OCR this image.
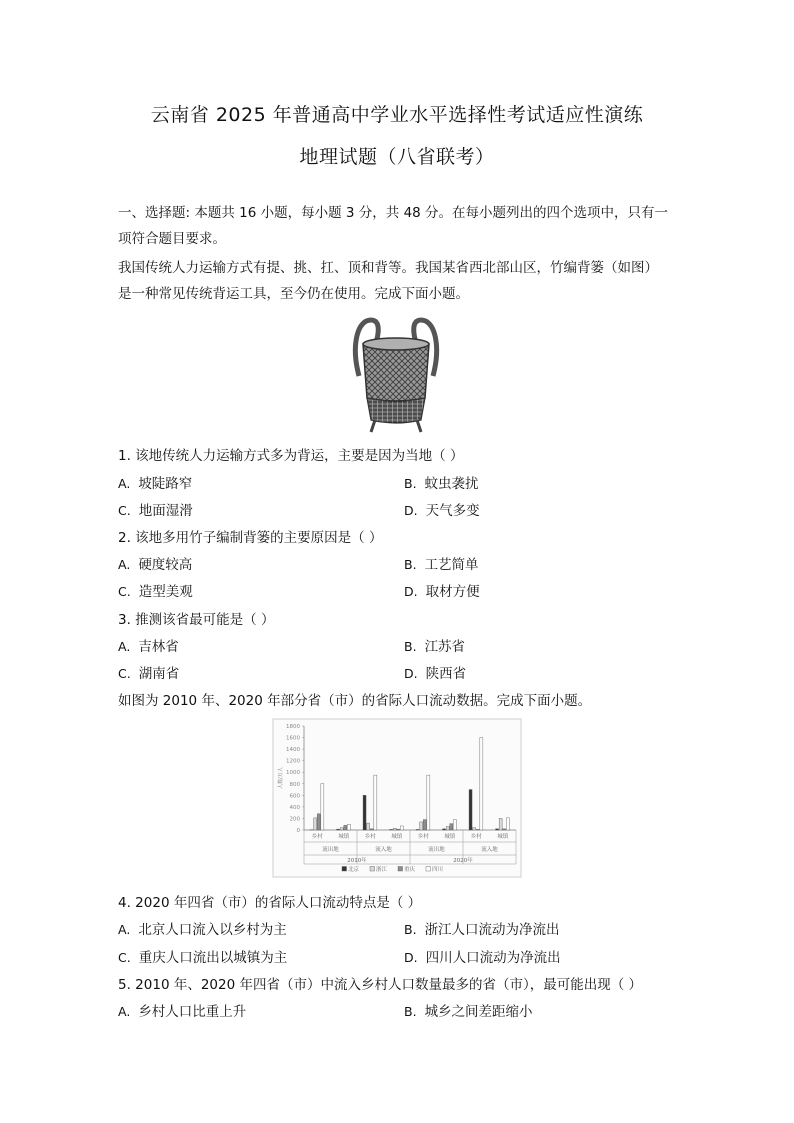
云南省 2025 年普通高中学业水平选择性考试适应性演练
地理试题（八省联考）
一、选择题: 本题共 16 小题，每小题 3 分，共 48 分。在每小题列出的四个选项中，只有一
项符合题目要求。
我国传统人力运输方式有提、挑、扛、顶和背等。我国某省西北部山区，竹编背篓（如图）
是一种常见传统背运工具，至今仍在使用。完成下面小题。
1. 该地传统人力运输方式多为背运，主要是因为当地（ ）
A. 坡陡路窄	B. 蚊虫袭扰
C. 地面湿滑	D. 天气多变
2. 该地多用竹子编制背篓的主要原因是（ ）
A. 硬度较高	B. 工艺简单
C. 造型美观	D. 取材方便
3. 推测该省最可能是（ ）
A. 吉林省	B. 江苏省
C. 湖南省	D. 陕西省
如图为 2010 年、2020 年部分省（市）的省际人口流动数据。完成下面小题。
人数/万人
0
200
400
600
800
1000
1200
1400
1600
1800
乡村	城镇	乡村	城镇	乡村	城镇	乡村	城镇
流出地	流入地	流出地	流入地
2010年	2020年
北京	浙江	重庆	四川
4. 2020 年四省（市）的省际人口流动特点是（ ）
A. 北京人口流入以乡村为主	B. 浙江人口流动为净流出
C. 重庆人口流出以城镇为主	D. 四川人口流动为净流出
5. 2010 年、2020 年四省（市）中流入乡村人口数量最多的省（市），最可能出现（ ）
A. 乡村人口比重上升	B. 城乡之间差距缩小
